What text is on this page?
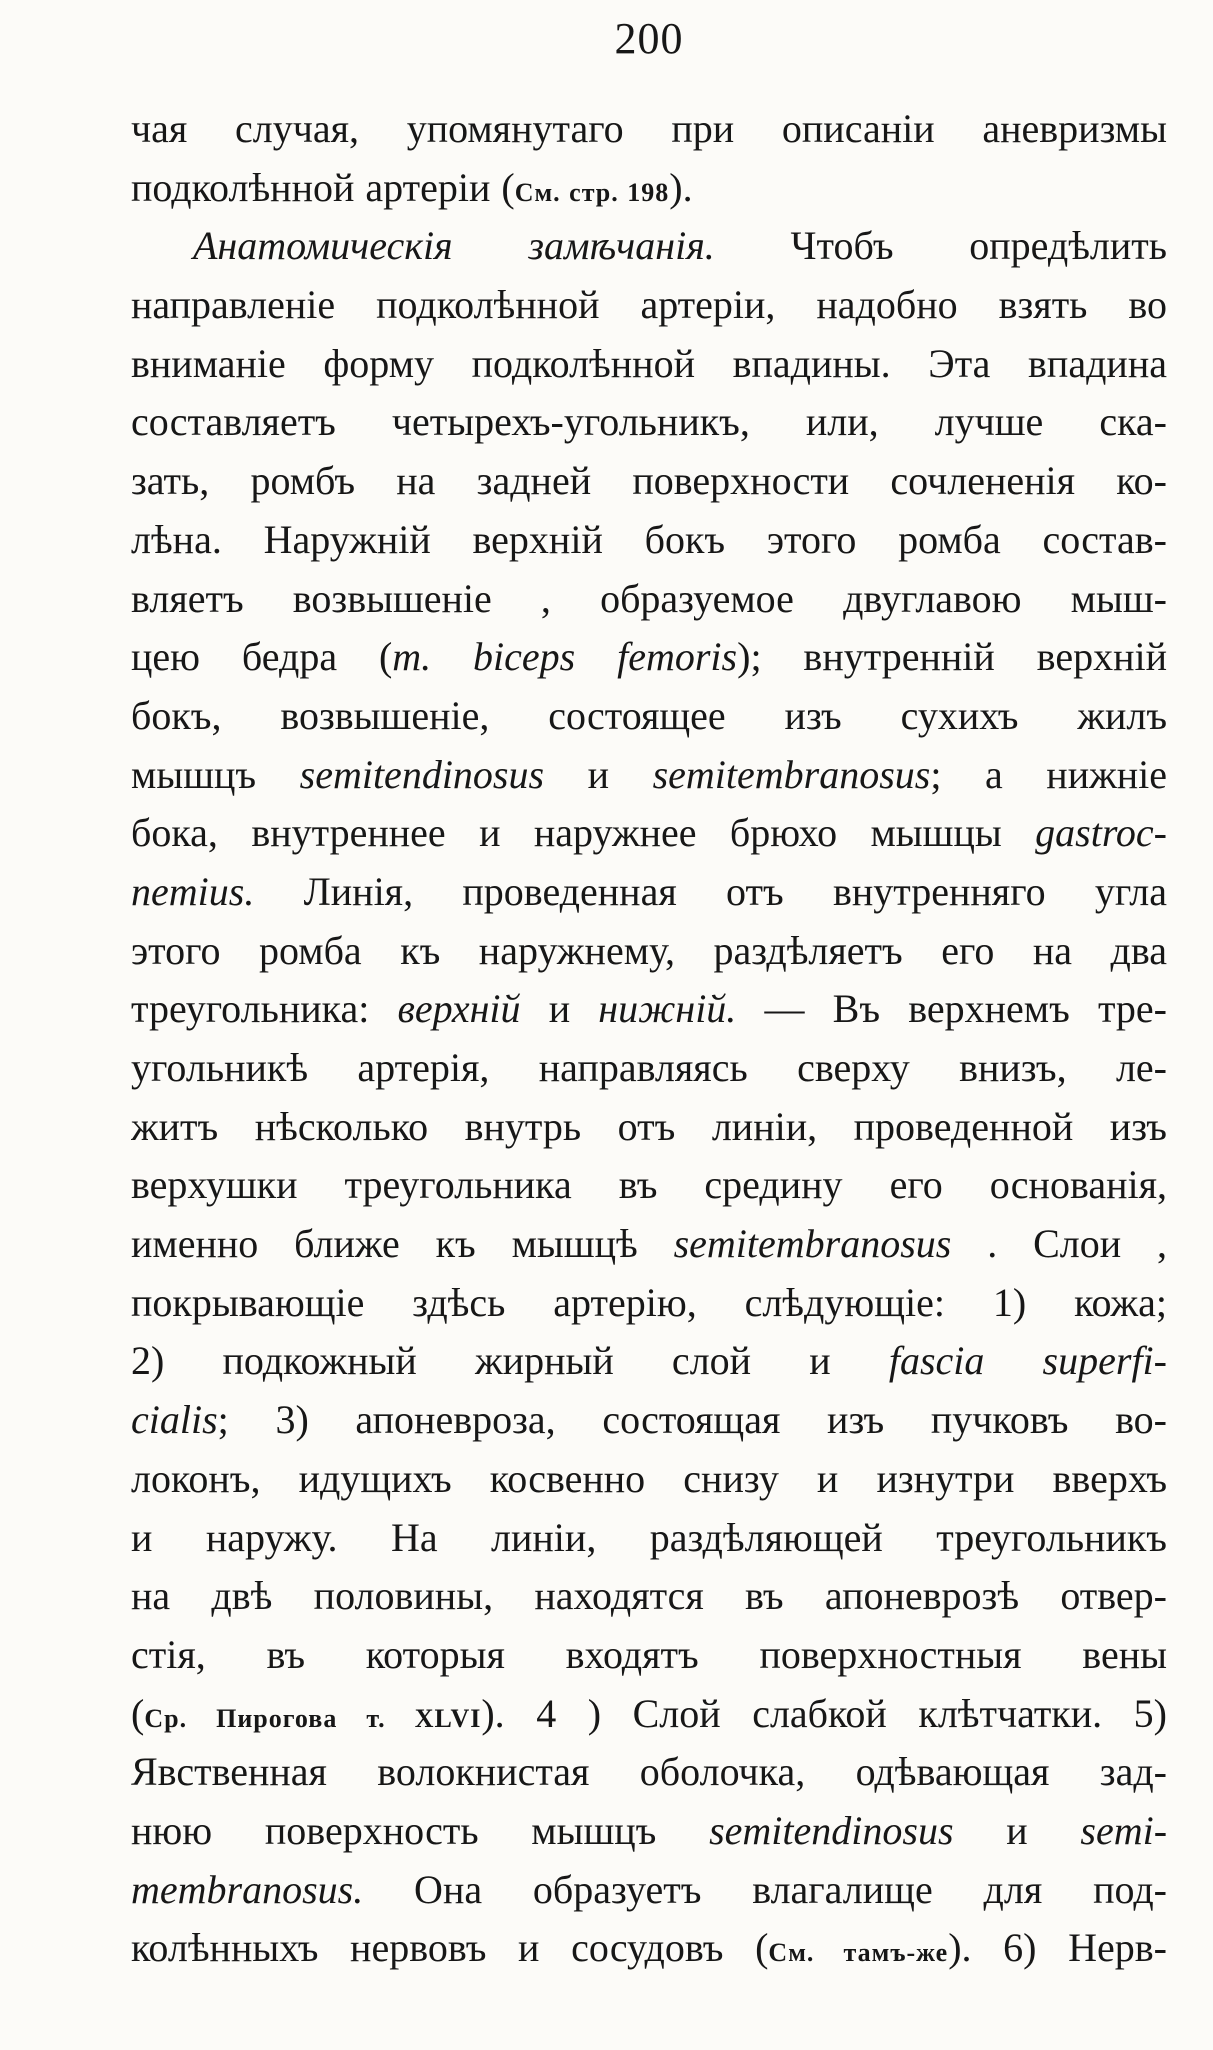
200
чая случая, упомянутаго при описаніи аневризмы
подколѣнной артеріи (См. стр. 198).
Анатомическія замѣчанія. Чтобъ опредѣлить
направленіе подколѣнной артеріи, надобно взять во
вниманіе форму подколѣнной впадины. Эта впадина
составляетъ четырехъ-угольникъ, или, лучше ска-
зать, ромбъ на задней поверхности сочлененія ко-
лѣна. Наружній верхній бокъ этого ромба состав-
вляетъ возвышеніе , образуемое двуглавою мыш-
цею бедра (m. biceps femoris); внутренній верхній
бокъ, возвышеніе, состоящее изъ сухихъ жилъ
мышцъ semitendinosus и semitembranosus; а нижніе
бока, внутреннее и наружнее брюхо мышцы gastroc-
nemius. Линія, проведенная отъ внутренняго угла
этого ромба къ наружнему, раздѣляетъ его на два
треугольника: верхній и нижній. — Въ верхнемъ тре-
угольникѣ артерія, направляясь сверху внизъ, ле-
житъ нѣсколько внутрь отъ линіи, проведенной изъ
верхушки треугольника въ средину его основанія,
именно ближе къ мышцѣ semitembranosus . Слои ,
покрывающіе здѣсь артерію, слѣдующіе: 1) кожа;
2) подкожный жирный слой и fascia superfi-
cialis; 3) апоневроза, состоящая изъ пучковъ во-
локонъ, идущихъ косвенно снизу и изнутри вверхъ
и наружу. На линіи, раздѣляющей треугольникъ
на двѣ половины, находятся въ апоневрозѣ отвер-
стія, въ которыя входятъ поверхностныя вены
(Ср. Пирогова т. XLVI). 4 ) Слой слабкой клѣтчатки. 5)
Явственная волокнистая оболочка, одѣвающая зад-
нюю поверхность мышцъ semitendinosus и semi-
membranosus. Она образуетъ влагалище для под-
колѣнныхъ нервовъ и сосудовъ (См. тамъ-же). 6) Нерв-
